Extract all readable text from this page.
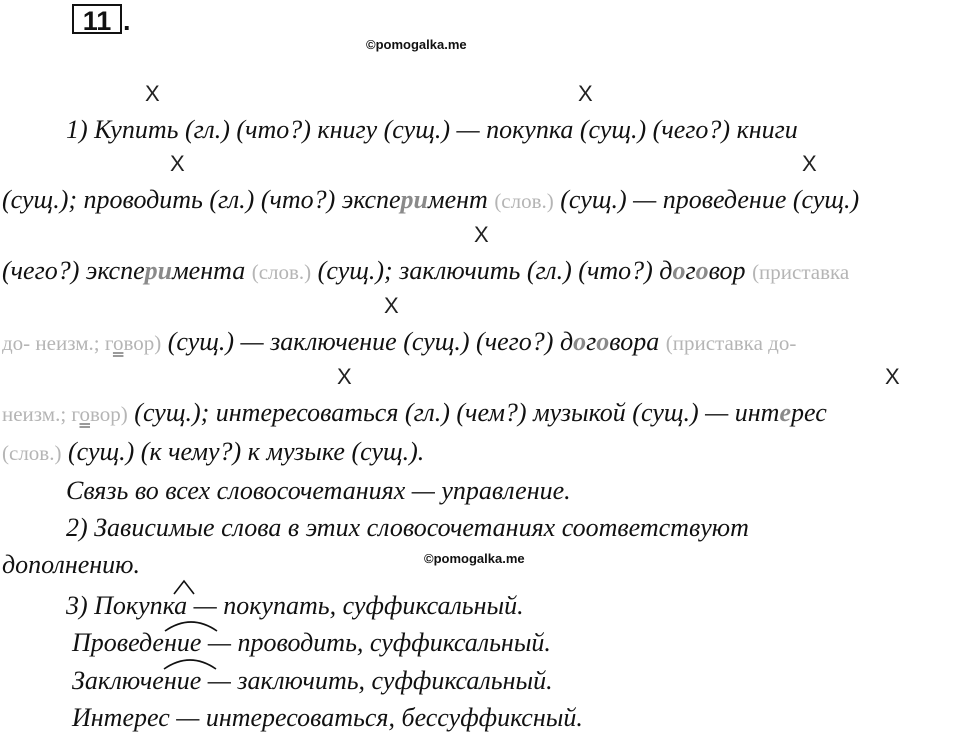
11 .
©pomogalka.me
X	X
X	X
X
X
X	X
1) Купить (гл.) (что?) книгу (сущ.) — покупка (сущ.) (чего?) книги
(сущ.); проводить (гл.) (что?) эксперимент (слов.) (сущ.) — проведение (сущ.)
(чего?) эксперимента (слов.) (сущ.); заключить (гл.) (что?) договор (приставка
до- неизм.; говор) (сущ.) — заключение (сущ.) (чего?) договора (приставка до-
неизм.; говор) (сущ.); интересоваться (гл.) (чем?) музыкой (сущ.) — интерес
(слов.) (сущ.) (к чему?) к музыке (сущ.).
Связь во всех словосочетаниях — управление.
2) Зависимые слова в этих словосочетаниях соответствуют
дополнению.	©pomogalka.me
3) Покупка — покупать, суффиксальный.
Проведение — проводить, суффиксальный.
Заключение — заключить, суффиксальный.
Интерес — интересоваться, бессуффиксный.
